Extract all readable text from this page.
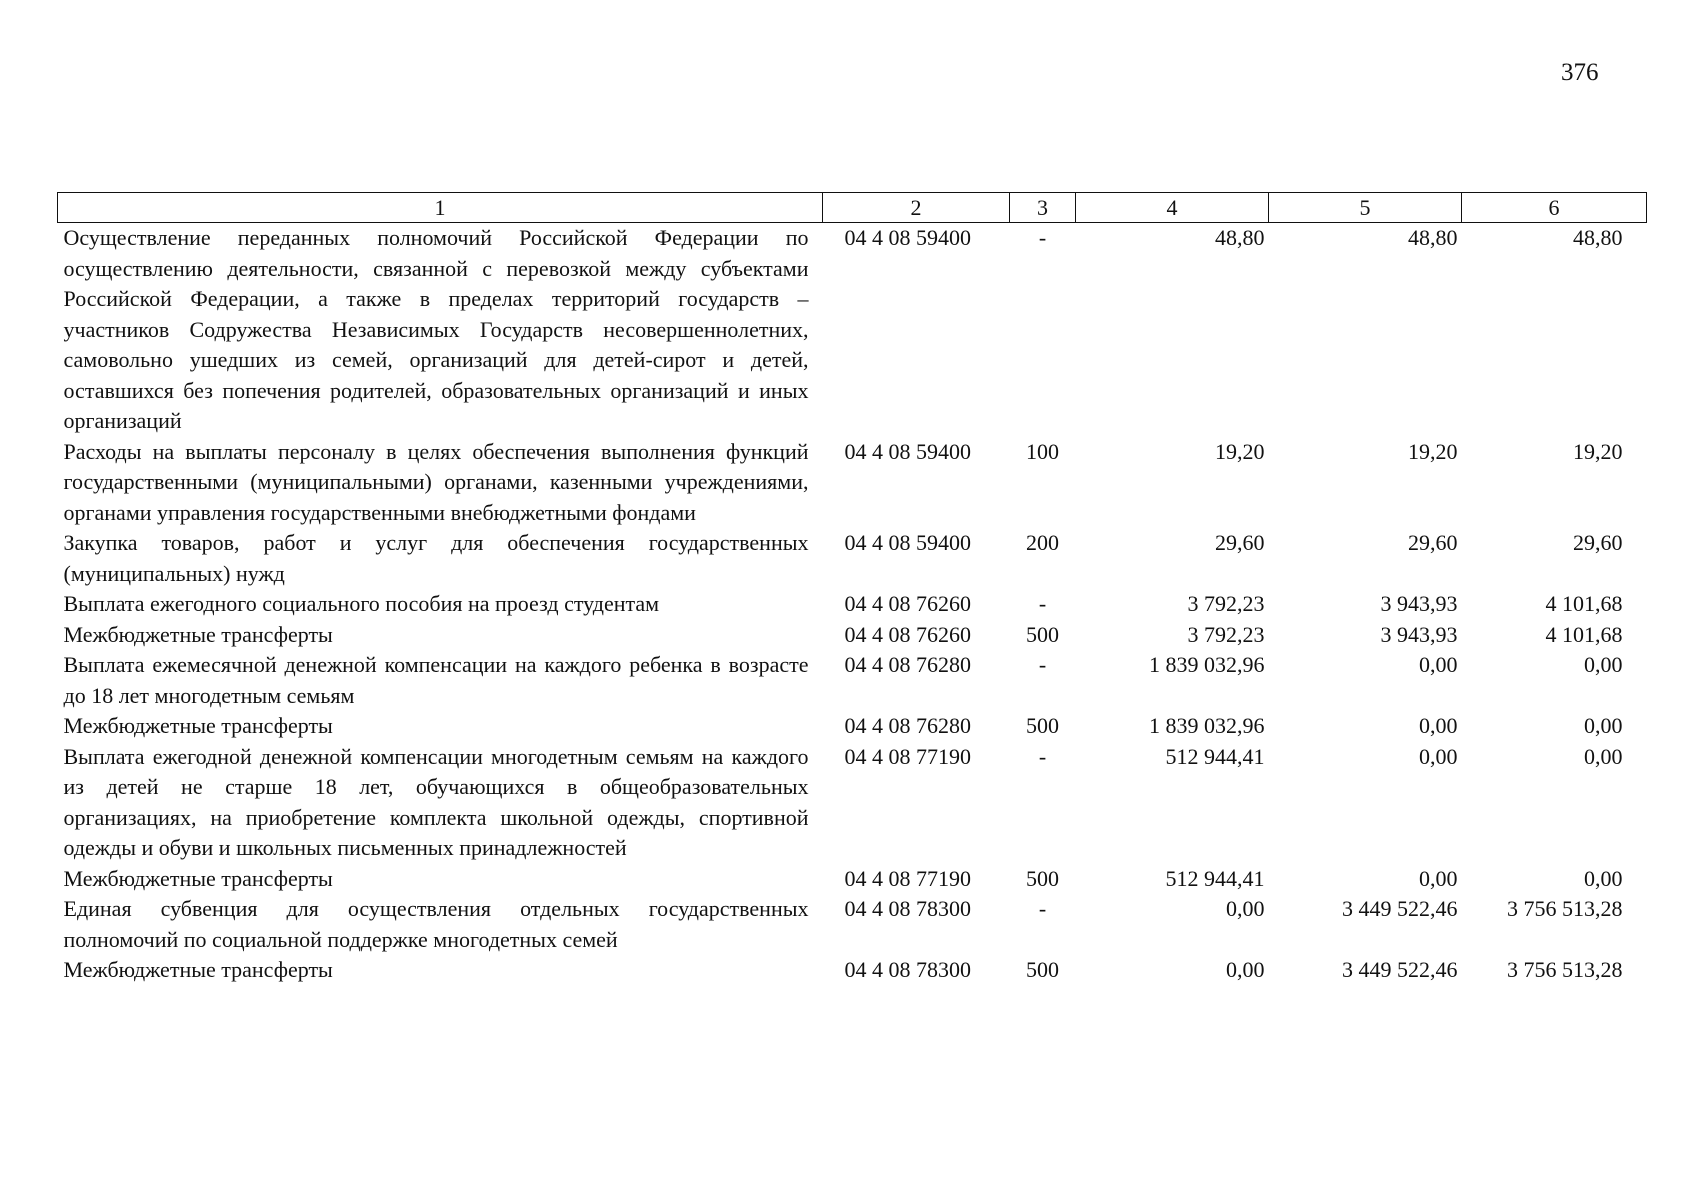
376
1	2	3	4	5	6
Осуществление переданных полномочий Российской Федерации по осуществлению деятельности, связанной с перевозкой между субъектами Российской Федерации, а также в пределах территорий государств – участников Содружества Независимых Государств несовершеннолетних, самовольно ушедших из семей, организаций для детей-сирот и детей, оставшихся без попечения родителей, образовательных организаций и иных организаций	04 4 08 59400	-	48,80	48,80	48,80
Расходы на выплаты персоналу в целях обеспечения выполнения функций государственными (муниципальными) органами, казенными учреждениями, органами управления государственными внебюджетными фондами	04 4 08 59400	100	19,20	19,20	19,20
Закупка товаров, работ и услуг для обеспечения государственных (муниципальных) нужд	04 4 08 59400	200	29,60	29,60	29,60
Выплата ежегодного социального пособия на проезд студентам	04 4 08 76260	-	3 792,23	3 943,93	4 101,68
Межбюджетные трансферты	04 4 08 76260	500	3 792,23	3 943,93	4 101,68
Выплата ежемесячной денежной компенсации на каждого ребенка в возрасте до 18 лет многодетным семьям	04 4 08 76280	-	1 839 032,96	0,00	0,00
Межбюджетные трансферты	04 4 08 76280	500	1 839 032,96	0,00	0,00
Выплата ежегодной денежной компенсации многодетным семьям на каждого из детей не старше 18 лет, обучающихся в общеобразовательных организациях, на приобретение комплекта школьной одежды, спортивной одежды и обуви и школьных письменных принадлежностей	04 4 08 77190	-	512 944,41	0,00	0,00
Межбюджетные трансферты	04 4 08 77190	500	512 944,41	0,00	0,00
Единая субвенция для осуществления отдельных государственных полномочий по социальной поддержке многодетных семей	04 4 08 78300	-	0,00	3 449 522,46	3 756 513,28
Межбюджетные трансферты	04 4 08 78300	500	0,00	3 449 522,46	3 756 513,28
